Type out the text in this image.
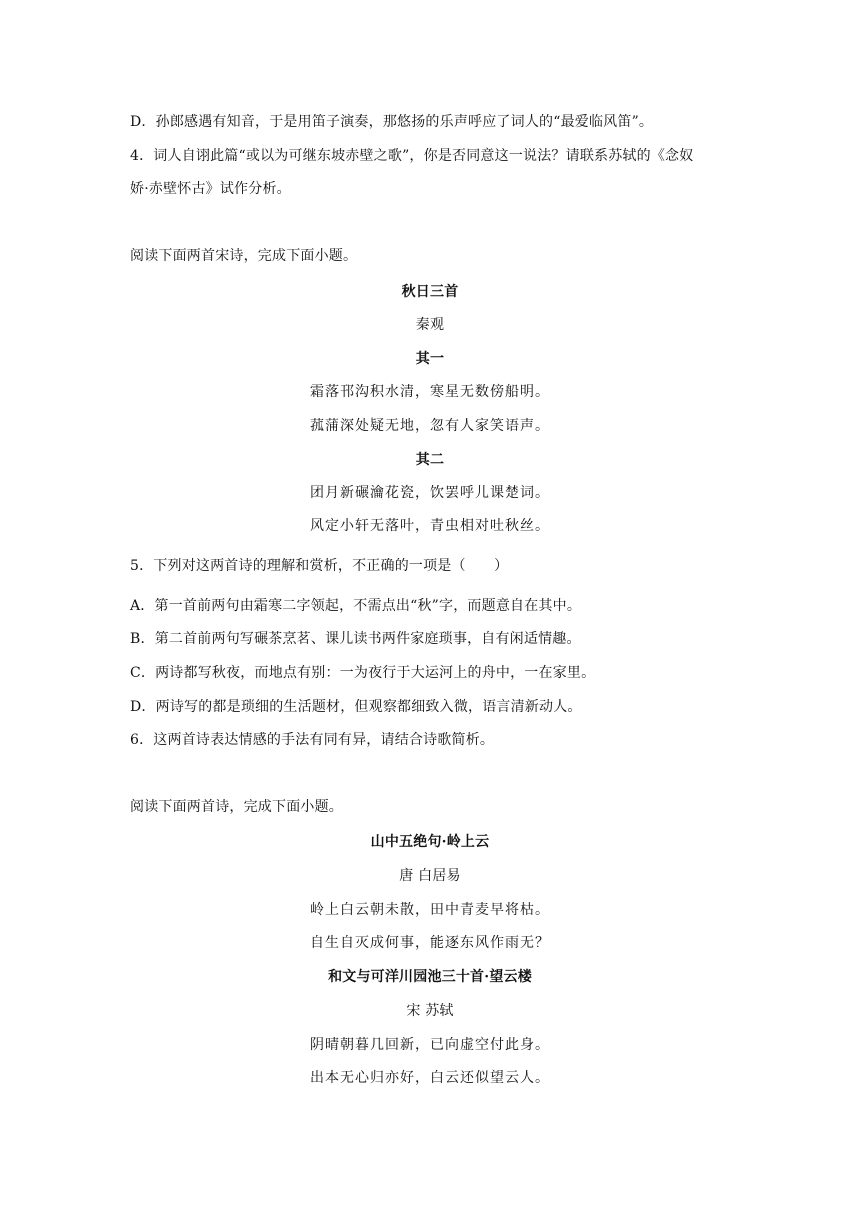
D．孙郎感遇有知音，于是用笛子演奏，那悠扬的乐声呼应了词人的“最爱临风笛”。
4．词人自诩此篇“或以为可继东坡赤壁之歌”，你是否同意这一说法？请联系苏轼的《念奴
娇·赤壁怀古》试作分析。
阅读下面两首宋诗，完成下面小题。
秋日三首
秦观
其一
霜落邗沟积水清，寒星无数傍船明。
菰蒲深处疑无地，忽有人家笑语声。
其二
团月新碾瀹花瓷，饮罢呼儿课楚词。
风定小轩无落叶，青虫相对吐秋丝。
5．下列对这两首诗的理解和赏析，不正确的一项是（　　）
A．第一首前两句由霜寒二字领起，不需点出“秋”字，而题意自在其中。
B．第二首前两句写碾茶烹茗、课儿读书两件家庭琐事，自有闲适情趣。
C．两诗都写秋夜，而地点有别：一为夜行于大运河上的舟中，一在家里。
D．两诗写的都是琐细的生活题材，但观察都细致入微，语言清新动人。
6．这两首诗表达情感的手法有同有异，请结合诗歌简析。
阅读下面两首诗，完成下面小题。
山中五绝句·岭上云
唐 白居易
岭上白云朝未散，田中青麦早将枯。
自生自灭成何事，能逐东风作雨无？
和文与可洋川园池三十首·望云楼
宋 苏轼
阴晴朝暮几回新，已向虚空付此身。
出本无心归亦好，白云还似望云人。
